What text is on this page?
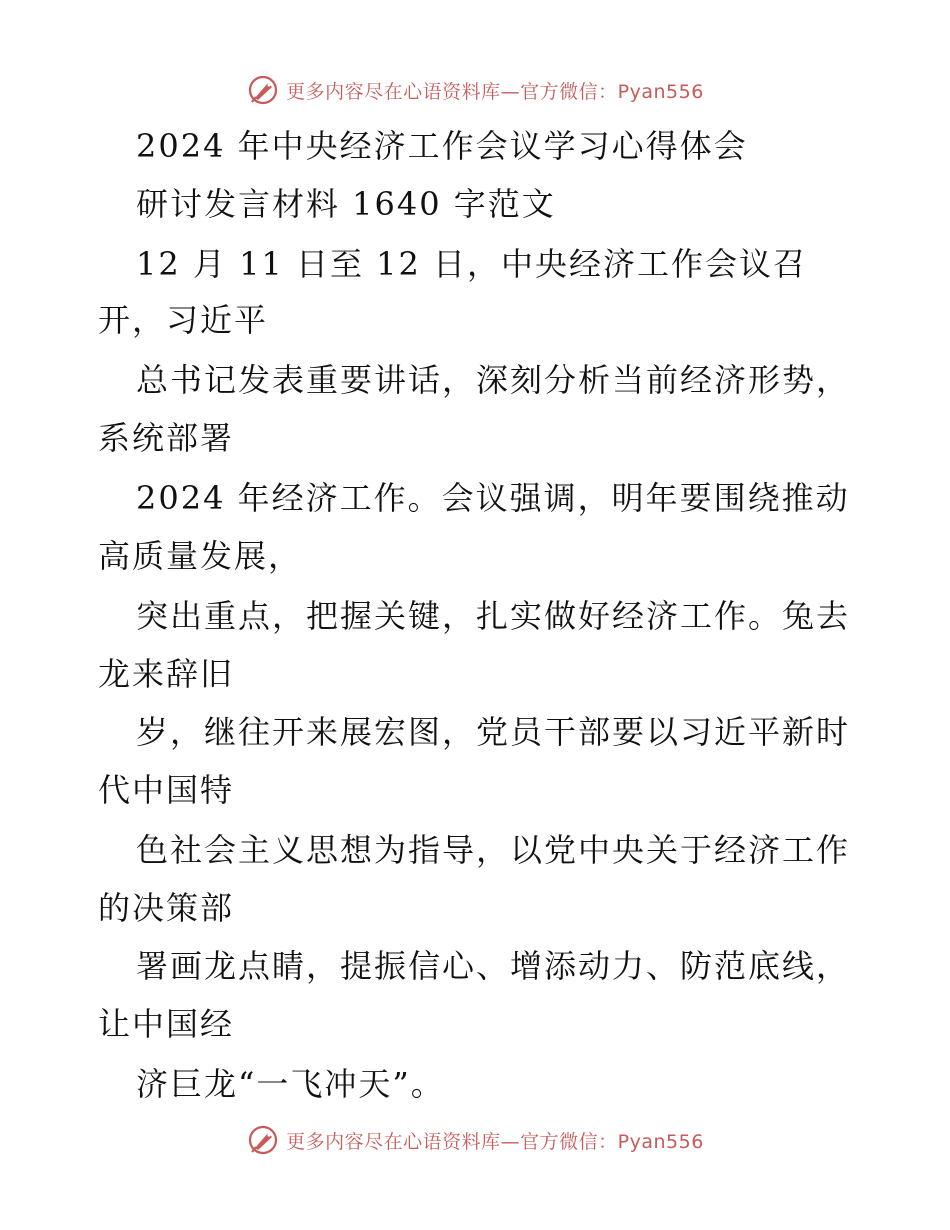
更多内容尽在心语资料库—官方微信：Pyan556
2024 年中央经济工作会议学习心得体会
研讨发言材料 1640 字范文
12 月 11 日至 12 日，中央经济工作会议召
开，习近平
总书记发表重要讲话，深刻分析当前经济形势，
系统部署
2024 年经济工作。会议强调，明年要围绕推动
高质量发展，
突出重点，把握关键，扎实做好经济工作。兔去
龙来辞旧
岁，继往开来展宏图，党员干部要以习近平新时
代中国特
色社会主义思想为指导，以党中央关于经济工作
的决策部
署画龙点睛，提振信心、增添动力、防范底线，
让中国经
济巨龙“一飞冲天”。
更多内容尽在心语资料库—官方微信：Pyan556
